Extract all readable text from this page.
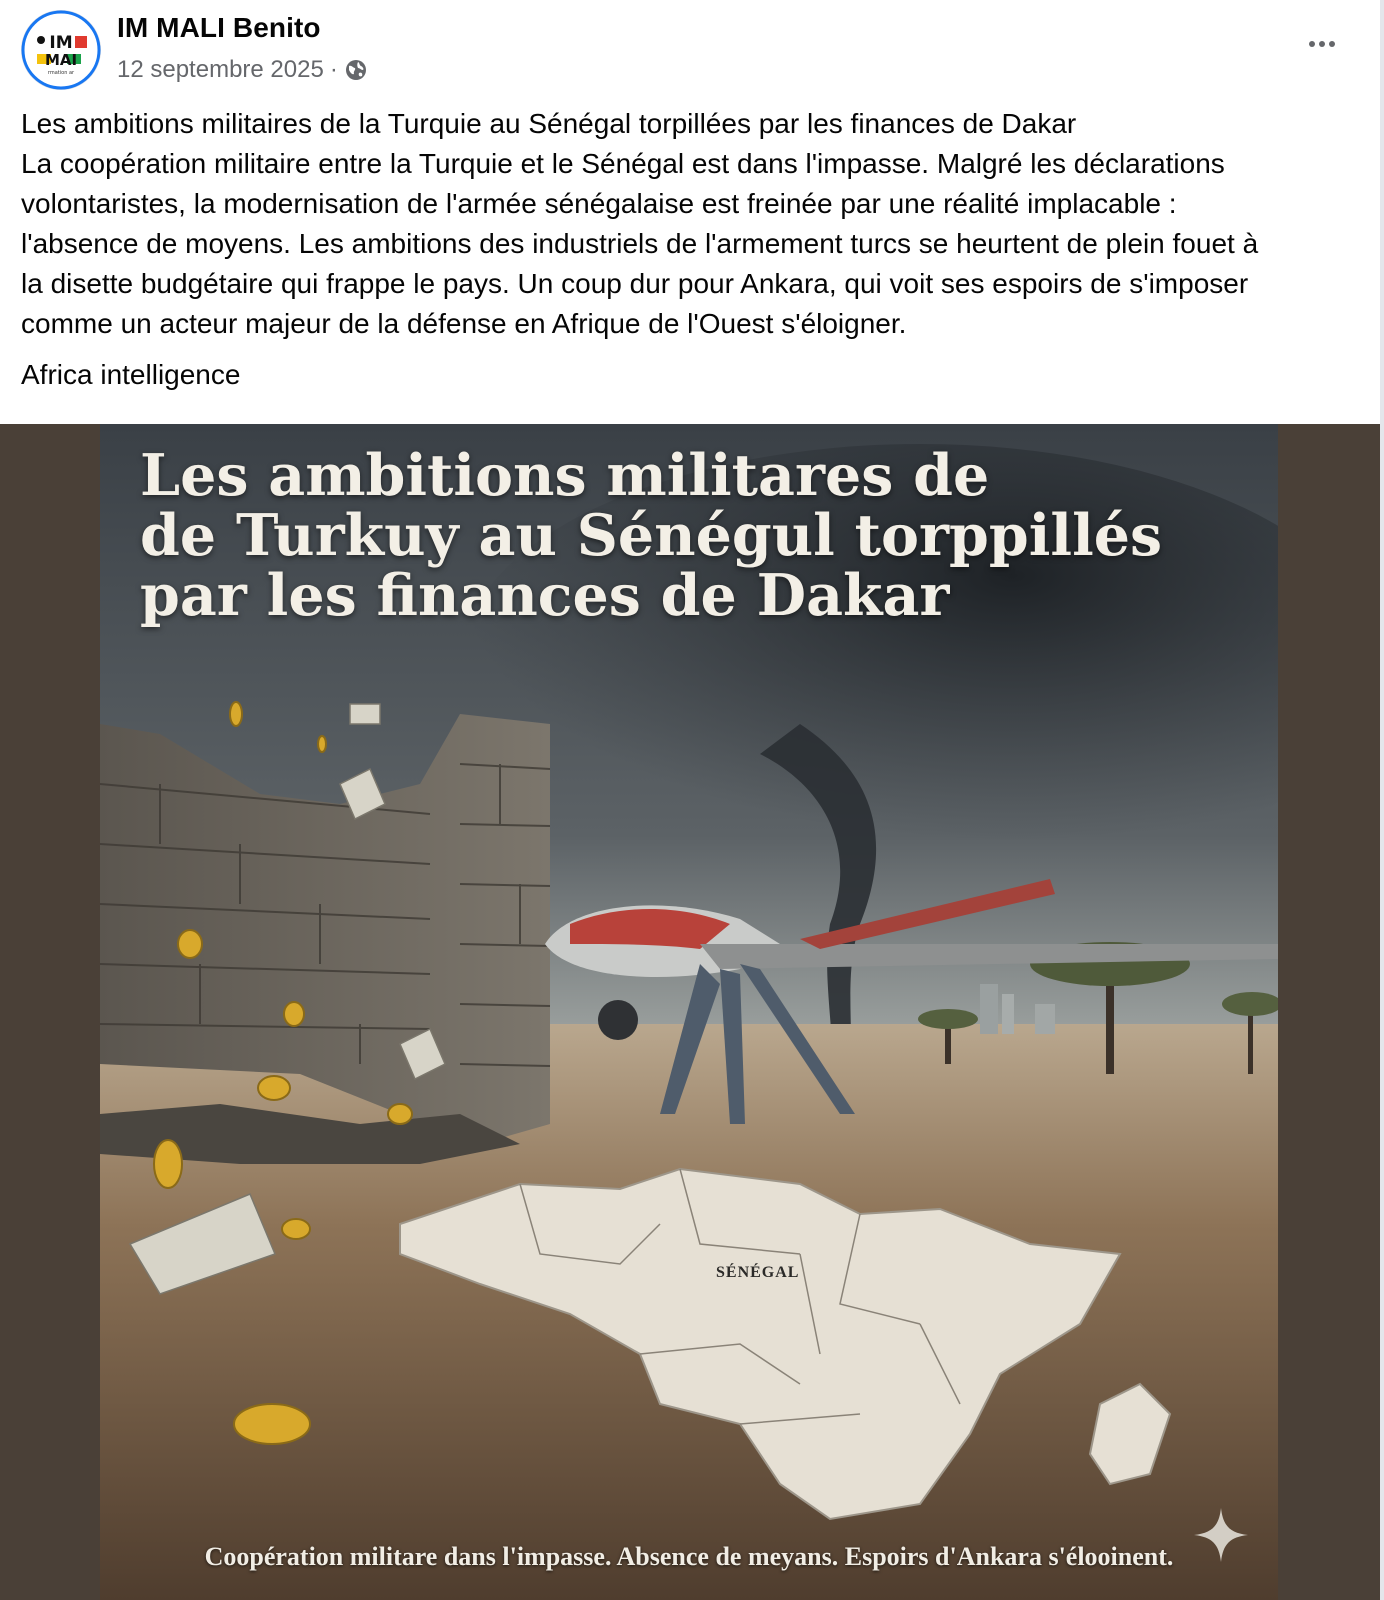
IM
MAI
rmation ar
IM MALI Benito
12 septembre 2025 ·
Les ambitions militaires de la Turquie au Sénégal torpillées par les finances de Dakar
La coopération militaire entre la Turquie et le Sénégal est dans l'impasse. Malgré les déclarations
volontaristes, la modernisation de l'armée sénégalaise est freinée par une réalité implacable :
l'absence de moyens. Les ambitions des industriels de l'armement turcs se heurtent de plein fouet à
la disette budgétaire qui frappe le pays. Un coup dur pour Ankara, qui voit ses espoirs de s'imposer
comme un acteur majeur de la défense en Afrique de l'Ouest s'éloigner.
Africa intelligence
Les ambitions militares de
de Turkuy au Sénégul torppillés
par les finances de Dakar
SÉNÉGAL
Coopération militare dans l'impasse. Absence de meyans. Espoirs d'Ankara s'élooinent.
